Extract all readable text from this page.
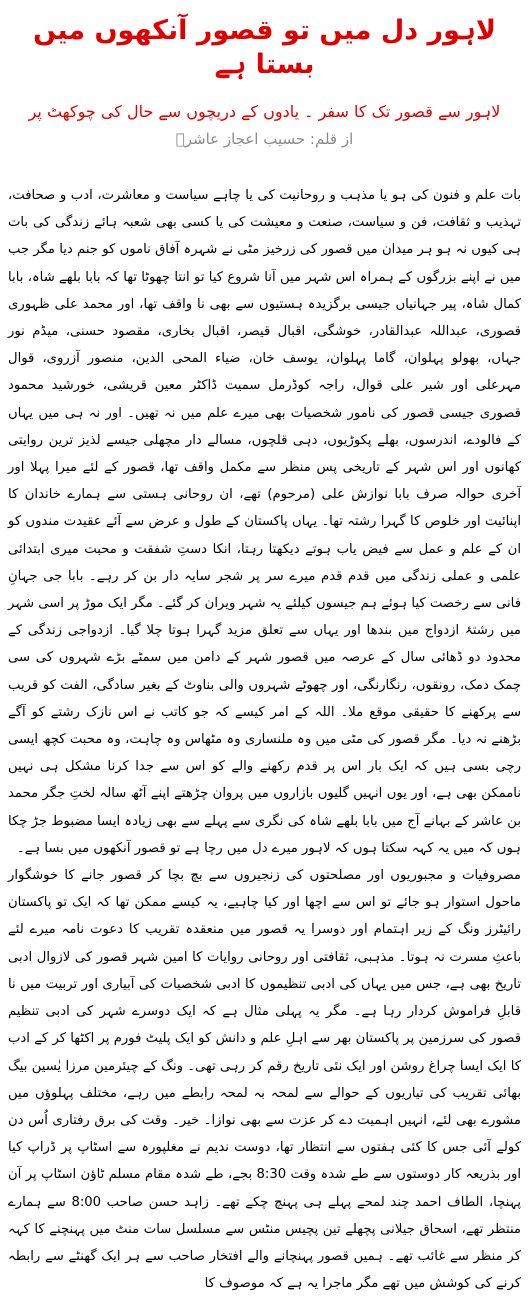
لاہور دل میں تو قصور آنکھوں میں بستا ہے
لاہور سے قصور تک کا سفر ۔ یادوں کے دریچوں سے حال کی چوکھٹ پر
از قلم: حسیب اعجاز عاشرؔ

بات علم و فنون کی ہو یا مذہب و روحانیت کی یا چاہے سیاست و معاشرت، ادب و صحافت، تہذیب و ثقافت، فن و سیاست، صنعت و معیشت کی یا کسی بھی شعبہ ہائے زندگی کی بات ہی کیوں نہ ہو ہر میدان میں قصور کی زرخیز مٹی نے شہرہ آفاق ناموں کو جنم دیا مگر جب میں نے اپنے بزرگوں کے ہمراہ اس شہر میں آنا شروع کیا تو انتا چھوٹا تھا کہ بابا بلھے شاہ، بابا کمال شاہ، پیر جہانیاں جیسی برگزیدہ ہستیوں سے بھی نا واقف تھا، اور محمد علی ظہوری قصوری، عبداللہ عبدالقادر، خوشگی، اقبال قیصر، اقبال بخاری، مقصود حسنی، میڈم نور جہاں، بھولو پہلوان، گاما پہلوان، یوسف خان، ضیاء المحی الدین، منصور آزروی، قوال مہرعلی اور شیر علی قوال، راجہ کوڈرمل سمیت ڈاکٹر معین قریشی، خورشید محمود قصوری جیسی قصور کی نامور شخصیات بھی میرے علم میں نہ تھیں۔ اور نہ ہی میں یہاں کے فالودے، اندرسوں، بھلے پکوڑیوں، دہی قلچوں، مسالے دار مچھلی جیسے لذیز ترین روایتی کھانوں اور اس شہر کے تاریخی پس منظر سے مکمل واقف تھا، قصور کے لئے میرا پہلا اور آخری حوالہ صرف بابا نوازش علی (مرحوم) تھے، ان روحانی ہستی سے ہمارے خاندان کا اپنائیت اور خلوص کا گہرا رشتہ تھا۔ یہاں پاکستان کے طول و عرض سے آئے عقیدت مندوں کو ان کے علم و عمل سے فیض یاب ہوتے دیکھتا رہتا، انکا دستِ شفقت و محبت میری ابتدائی علمی و عملی زندگی میں قدم قدم میرے سر پر شجر سایہ دار بن کر رہے۔ بابا جی جہانِ فانی سے رخصت کیا ہوئے ہم جیسوں کیلئے یہ شہر ویران کر گئے۔ مگر ایک موڑ پر اسی شہر میں رشتۂ ازدواج میں بندھا اور یہاں سے تعلق مزید گہرا ہوتا چلا گیا۔ ازدواجی زندگی کے محدود دو ڈھائی سال کے عرصہ میں قصور شہر کے دامن میں سمٹے بڑے شہروں کی سی چمک دمک، رونقوں، رنگارنگی، اور چھوٹے شہروں والی بناوٹ کے بغیر سادگی، الفت کو قریب سے پرکھنے کا حقیقی موقع ملا۔ اللہ کے امر کیسے کہ جو کاتب نے اس نازک رشتے کو آگے بڑھنے نہ دیا۔ مگر قصور کی مٹی میں وہ ملنساری وہ مٹھاس وہ چاہت، وہ محبت کچھ ایسی رچی بسی ہیں کہ ایک بار اس پر قدم رکھنے والے کو اس سے جدا کرنا مشکل ہی نہیں ناممکن بھی ہے، اور یوں انہیں گلیوں بازاروں میں پروان چڑھتے اپنے آٹھ سالہ لختِ جگر محمد بن عاشر کے بہانے آج میں بابا بلھے شاہ کی نگری سے پہلے سے بھی زیادہ ایسا مضبوط جڑ چکا ہوں کہ میں یہ کہہ سکتا ہوں کہ لاہور میرے دل میں رچا ہے تو قصور آنکھوں میں بسا ہے۔

مصروفیات و مجبوریوں اور مصلحتوں کی زنجیروں سے بچ بچا کر قصور جانے کا خوشگوار ماحول استوار ہو جائے تو اس سے اچھا اور کیا چاہیے، یہ کیسے ممکن تھا کہ ایک تو پاکستان رائیٹرز ونگ کے زیر اہتمام اور دوسرا یہ قصور میں منعقدہ تقریب کا دعوت نامہ میرے لئے باعثِ مسرت نہ ہوتا۔ مذہبی، ثقافتی اور روحانی روایات کا امین شہر قصور کی لازوال ادبی تاریخ بھی ہے، جس میں یہاں کی ادبی تنظیموں کا ادبی شخصیات کی آبیاری اور تربیت میں نا قابلِ فراموش کردار رہا ہے۔ مگر یہ پہلی مثال ہے کہ ایک دوسرے شہر کی ادبی تنظیم قصور کی سرزمین پر پاکستان بھر سے اہلِ علم و دانش کو ایک پلیٹ فورم پر اکٹھا کر کے ادب کا ایک ایسا چراغ روشن اور ایک نئی تاریخ رقم کر رہی تھی۔ ونگ کے چیئرمین مرزا یٰسین بیگ بھائی تقریب کی تیاریوں کے حوالے سے لمحہ بہ لمحہ رابطے میں رہے، مختلف پہلوؤں میں مشورے بھی لئے، انہیں اہمیت دے کر عزت سے بھی نوازا۔ خیر۔ وقت کی برق رفتاری اُس دن کولے آئی جس کا کئی ہفتوں سے انتظار تھا، دوست ندیم نے مغلپورہ سے اسٹاپ پر ڈراپ کیا اور بذریعہ کار دوستوں سے طے شدہ وقت 8:30 بجے، طے شدہ مقام مسلم ٹاؤن اسٹاپ پر آن پہنچا، الطاف احمد چند لمحے پہلے ہی پہنچ چکے تھے۔ زاہد حسن صاحب 8:00 سے ہمارے منتظر تھے، اسحاق جیلانی پچھلے تین پچیس منٹس سے مسلسل سات منٹ میں پہنچنے کا کہہ کر منظر سے غائب تھے۔ ہمیں قصور پہنچانے والے افتخار صاحب سے ہر ایک گھنٹے سے رابطہ کرنے کی کوشش میں تھے مگر ماجرا یہ ہے کہ موصوف کا
